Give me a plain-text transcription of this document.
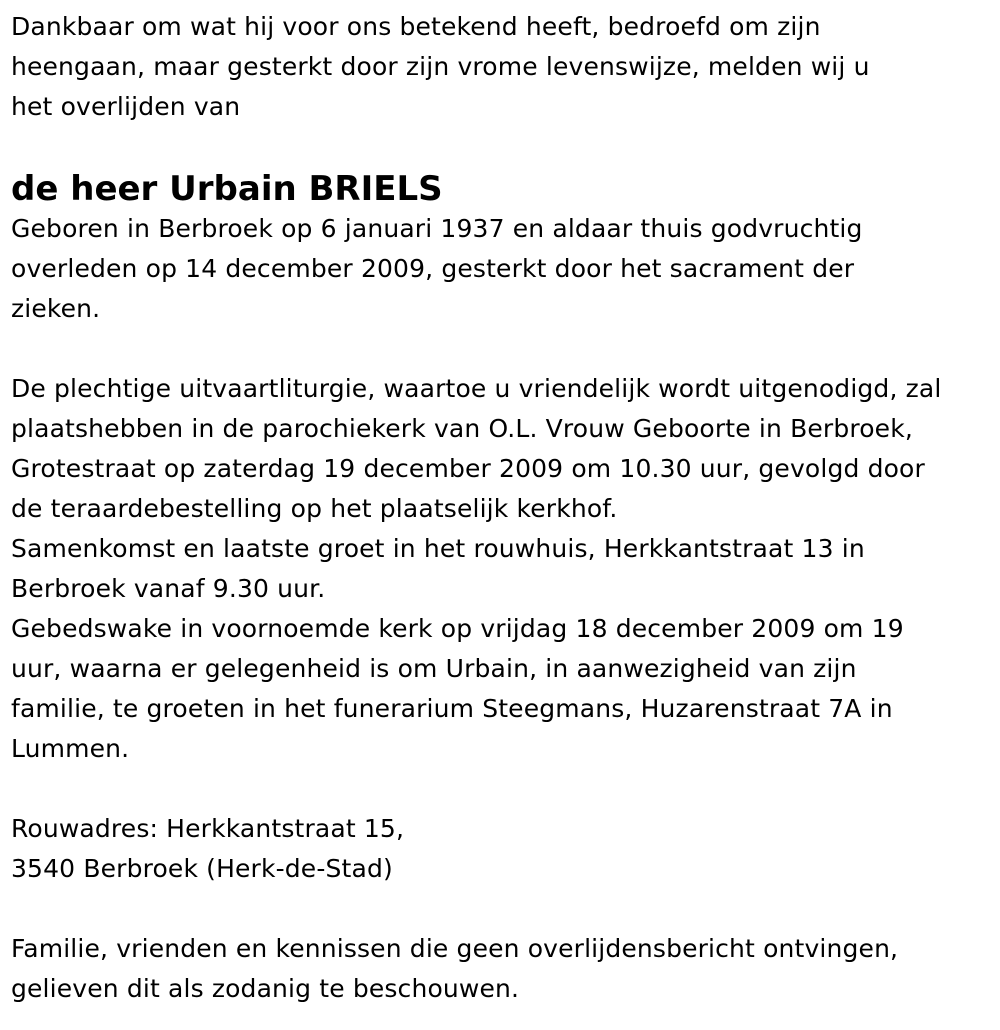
Dankbaar om wat hij voor ons betekend heeft, bedroefd om zijn
heengaan, maar gesterkt door zijn vrome levenswijze, melden wij u
het overlijden van
de heer Urbain BRIELS
Geboren in Berbroek op 6 januari 1937 en aldaar thuis godvruchtig
overleden op 14 december 2009, gesterkt door het sacrament der
zieken.
De plechtige uitvaartliturgie, waartoe u vriendelijk wordt uitgenodigd, zal
plaatshebben in de parochiekerk van O.L. Vrouw Geboorte in Berbroek,
Grotestraat op zaterdag 19 december 2009 om 10.30 uur, gevolgd door
de teraardebestelling op het plaatselijk kerkhof.
Samenkomst en laatste groet in het rouwhuis, Herkkantstraat 13 in
Berbroek vanaf 9.30 uur.
Gebedswake in voornoemde kerk op vrijdag 18 december 2009 om 19
uur, waarna er gelegenheid is om Urbain, in aanwezigheid van zijn
familie, te groeten in het funerarium Steegmans, Huzarenstraat 7A in
Lummen.
Rouwadres: Herkkantstraat 15,
3540 Berbroek (Herk-de-Stad)
Familie, vrienden en kennissen die geen overlijdensbericht ontvingen,
gelieven dit als zodanig te beschouwen.
